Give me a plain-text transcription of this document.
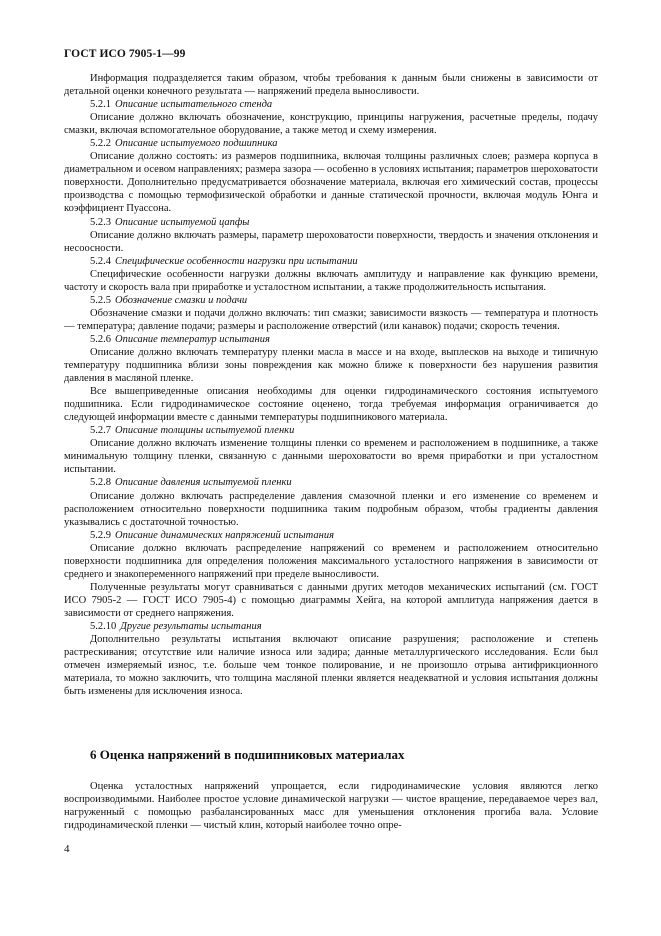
ГОСТ ИСО 7905-1—99

Информация подразделяется таким образом, чтобы требования к данным были снижены в зависимости от детальной оценки конечного результата — напряжений предела выносливости.

5.2.1 Описание испытательного стенда

Описание должно включать обозначение, конструкцию, принципы нагружения, расчетные пределы, подачу смазки, включая вспомогательное оборудование, а также метод и схему измерения.

5.2.2 Описание испытуемого подшипника

Описание должно состоять: из размеров подшипника, включая толщины различных слоев; размера корпуса в диаметральном и осевом направлениях; размера зазора — особенно в условиях испытания; параметров шероховатости поверхности. Дополнительно предусматривается обозначение материала, включая его химический состав, процессы производства с помощью термофизической обработки и данные статической прочности, включая модуль Юнга и коэффициент Пуассона.

5.2.3 Описание испытуемой цапфы

Описание должно включать размеры, параметр шероховатости поверхности, твердость и значения отклонения и несоосности.

5.2.4 Специфические особенности нагрузки при испытании

Специфические особенности нагрузки должны включать амплитуду и направление как функцию времени, частоту и скорость вала при приработке и усталостном испытании, а также продолжительность испытания.

5.2.5 Обозначение смазки и подачи

Обозначение смазки и подачи должно включать: тип смазки; зависимости вязкость — температура и плотность — температура; давление подачи; размеры и расположение отверстий (или канавок) подачи; скорость течения.

5.2.6 Описание температур испытания

Описание должно включать температуру пленки масла в массе и на входе, выплесков на выходе и типичную температуру подшипника вблизи зоны повреждения как можно ближе к поверхности без нарушения развития давления в масляной пленке.

Все вышеприведенные описания необходимы для оценки гидродинамического состояния испытуемого подшипника. Если гидродинамическое состояние оценено, тогда требуемая информация ограничивается до следующей информации вместе с данными температуры подшипникового материала.

5.2.7 Описание толщины испытуемой пленки

Описание должно включать изменение толщины пленки со временем и расположением в подшипнике, а также минимальную толщину пленки, связанную с данными шероховатости во время приработки и при усталостном испытании.

5.2.8 Описание давления испытуемой пленки

Описание должно включать распределение давления смазочной пленки и его изменение со временем и расположением относительно поверхности подшипника таким подробным образом, чтобы градиенты давления указывались с достаточной точностью.

5.2.9 Описание динамических напряжений испытания

Описание должно включать распределение напряжений со временем и расположением относительно поверхности подшипника для определения положения максимального усталостного напряжения в зависимости от среднего и знакопеременного напряжений при пределе выносливости.

Полученные результаты могут сравниваться с данными других методов механических испытаний (см. ГОСТ ИСО 7905-2 — ГОСТ ИСО 7905-4) с помощью диаграммы Хейга, на которой амплитуда напряжения дается в зависимости от среднего напряжения.

5.2.10 Другие результаты испытания

Дополнительно результаты испытания включают описание разрушения; расположение и степень растрескивания; отсутствие или наличие износа или задира; данные металлургического исследования. Если был отмечен измеряемый износ, т.е. больше чем тонкое полирование, и не произошло отрыва антифрикционного материала, то можно заключить, что толщина масляной пленки является неадекватной и условия испытания должны быть изменены для исключения износа.

6 Оценка напряжений в подшипниковых материалах

Оценка усталостных напряжений упрощается, если гидродинамические условия являются легко воспроизводимыми. Наиболее простое условие динамической нагрузки — чистое вращение, передаваемое через вал, нагруженный с помощью разбалансированных масс для уменьшения отклонения прогиба вала. Условие гидродинамической пленки — чистый клин, который наиболее точно опре-

4
